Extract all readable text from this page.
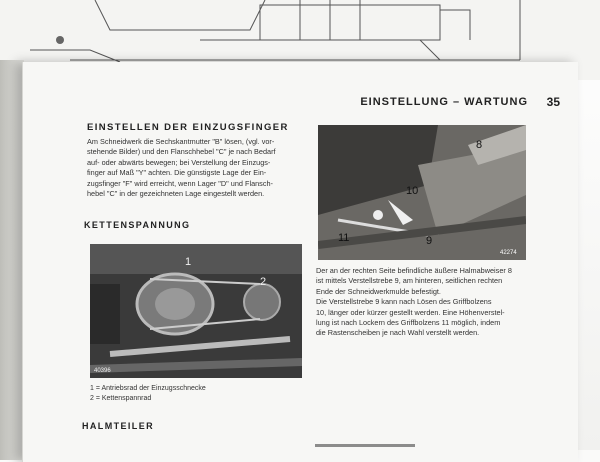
EINSTELLUNG – WARTUNG 35
EINSTELLEN DER EINZUGSFINGER
Am Schneidwerk die Sechskantmutter "B" lösen, (vgl. vor-
stehende Bilder) und den Flanschhebel "C" je nach Bedarf
auf- oder abwärts bewegen; bei Verstellung der Einzugs-
finger auf Maß "Y" achten. Die günstigste Lage der Ein-
zugsfinger "F" wird erreicht, wenn Lager "D" und Flansch-
hebel "C" in der gezeichneten Lage eingestellt werden.
KETTENSPANNUNG
40396
1
2
1 = Antriebsrad der Einzugsschnecke
2 = Kettenspannrad
HALMTEILER
42274
8
10
9
11
Der an der rechten Seite befindliche äußere Halmabweiser 8
ist mittels Verstellstrebe 9, am hinteren, seitlichen rechten
Ende der Schneidwerkmulde befestigt.
Die Verstellstrebe 9 kann nach Lösen des Griffbolzens
10, länger oder kürzer gestellt werden. Eine Höhenverstel-
lung ist nach Lockern des Griffbolzens 11 möglich, indem
die Rastenscheiben je nach Wahl verstellt werden.
